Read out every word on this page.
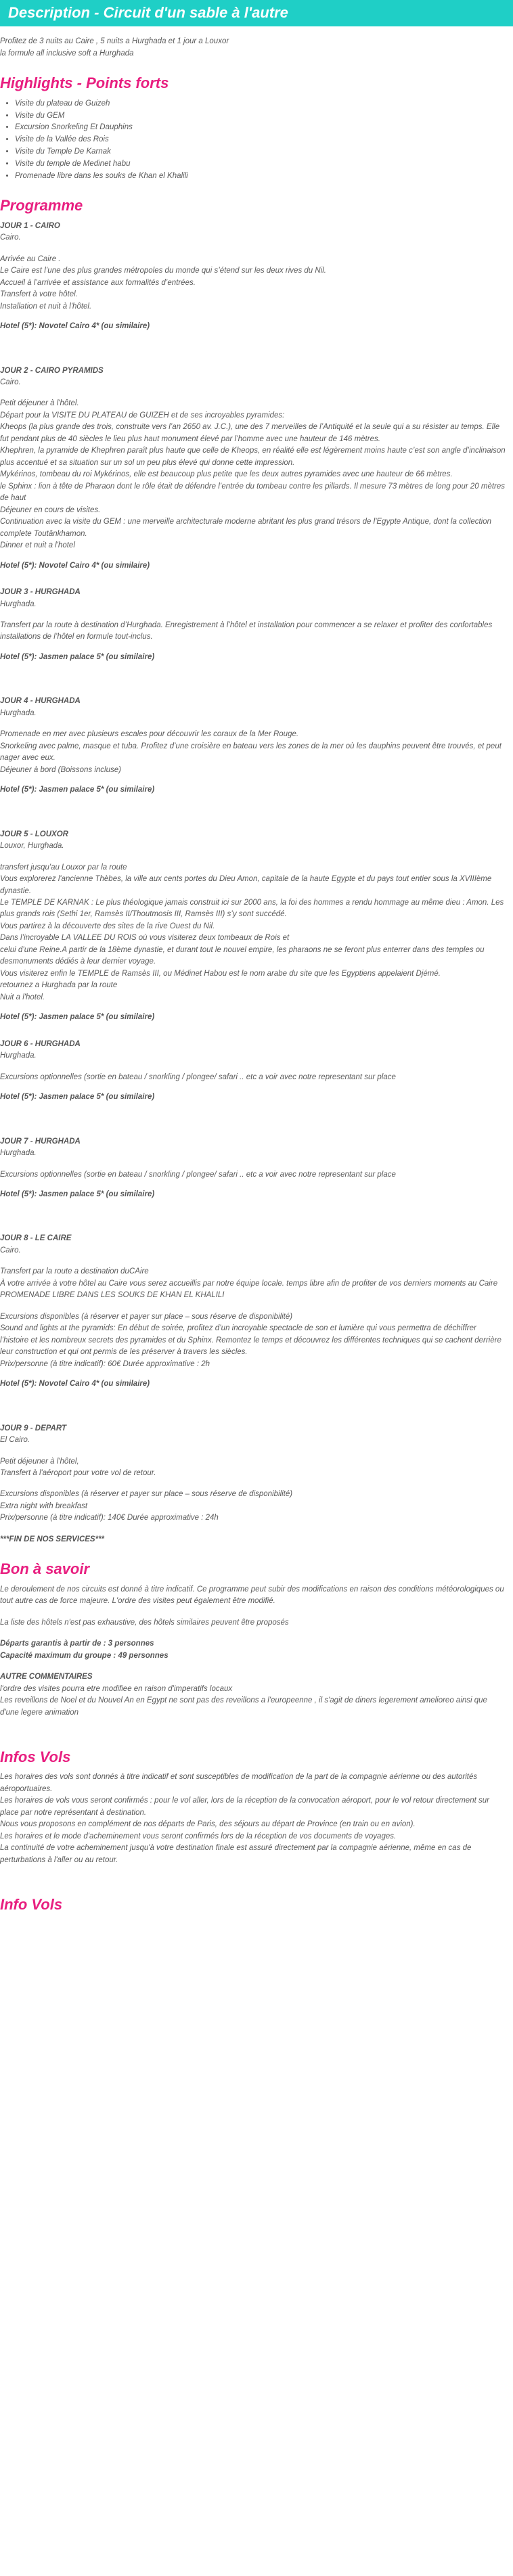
Description - Circuit d'un sable à l'autre

Profitez de 3 nuits au Caire , 5 nuits a Hurghada et 1 jour a Louxor

la formule all inclusive soft a Hurghada

Highlights - Points forts
• Visite du plateau de Guizeh
• Visite du GEM
• Excursion Snorkeling Et Dauphins
• Visite de la Vallée des Rois
• Visite du Temple De Karnak
• Visite du temple de Medinet habu
• Promenade libre dans les souks de Khan el Khalili
Programme

JOUR 1 - CAIRO

Cairo.

Arrivée au Caire .

Le Caire est l’une des plus grandes métropoles du monde qui s’étend sur les deux rives du Nil.

Accueil à l’arrivée et assistance aux formalités d’entrées.

Transfert à votre hôtel.

Installation et nuit à l'hôtel.

Hotel (5*): Novotel Cairo 4* (ou similaire)

JOUR 2 - CAIRO PYRAMIDS

Cairo.

Petit déjeuner à l'hôtel.

Départ pour la VISITE DU PLATEAU de GUIZEH et de ses incroyables pyramides:

Kheops (la plus grande des trois, construite vers l’an 2650 av. J.C.), une des 7 merveilles de l’Antiquité et la seule qui a su résister au temps. Elle fut pendant plus de 40 siècles le lieu plus haut monument élevé par l’homme avec une hauteur de 146 mètres.

Khephren, la pyramide de Khephren paraît plus haute que celle de Kheops, en réalité elle est légèrement moins haute c’est son angle d’inclinaison plus accentué et sa situation sur un sol un peu plus élevé qui donne cette impression.

Mykérinos, tombeau du roi Mykérinos, elle est beaucoup plus petite que les deux autres pyramides avec une hauteur de 66 mètres.

le Sphinx : lion à tête de Pharaon dont le rôle était de défendre l’entrée du tombeau contre les pillards. Il mesure 73 mètres de long pour 20 mètres de haut

Déjeuner en cours de visites.

Continuation avec la visite du GEM : une merveille architecturale moderne abritant les plus grand trésors de l'Egypte Antique, dont la collection complete Toutânkhamon.

Dinner et nuit a l'hotel

Hotel (5*): Novotel Cairo 4* (ou similaire)

JOUR 3 - HURGHADA

Hurghada.

Transfert par la route à destination d’Hurghada. Enregistrement à l’hôtel et installation pour commencer a se relaxer et profiter des confortables installations de l’hôtel en formule tout-inclus.

Hotel (5*): Jasmen palace 5* (ou similaire)

JOUR 4 - HURGHADA

Hurghada.

Promenade en mer avec plusieurs escales pour découvrir les coraux de la Mer Rouge.

Snorkeling avec palme, masque et tuba. Profitez d’une croisière en bateau vers les zones de la mer où les dauphins peuvent être trouvés, et peut nager avec eux.

Déjeuner à bord (Boissons incluse)

Hotel (5*): Jasmen palace 5* (ou similaire)

JOUR 5 - LOUXOR

Louxor, Hurghada.

transfert jusqu'au Louxor par la route

Vous explorerez l'ancienne Thèbes, la ville aux cents portes du Dieu Amon, capitale de la haute Egypte et du pays tout entier sous la XVIIIème dynastie.

Le TEMPLE DE KARNAK : Le plus théologique jamais construit ici sur 2000 ans, la foi des hommes a rendu hommage au même dieu : Amon. Les plus grands rois (Sethi 1er, Ramsès II/Thoutmosis III, Ramsès III) s’y sont succédé.

Vous partirez à la découverte des sites de la rive Ouest du Nil.

Dans l’incroyable LA VALLEE DU ROIS où vous visiterez deux tombeaux de Rois et

celui d’une Reine.A partir de la 18ème dynastie, et durant tout le nouvel empire, les pharaons ne se feront plus enterrer dans des temples ou desmonuments dédiés à leur dernier voyage.

Vous visiterez enfin le TEMPLE de Ramsès III, ou Médinet Habou est le nom arabe du site que les Egyptiens appelaient Djémé.

retournez a Hurghada par la route

Nuit a l'hotel.

Hotel (5*): Jasmen palace 5* (ou similaire)

JOUR 6 - HURGHADA

Hurghada.

Excursions optionnelles (sortie en bateau / snorkling / plongee/ safari .. etc a voir avec notre representant sur place

Hotel (5*): Jasmen palace 5* (ou similaire)

JOUR 7 - HURGHADA

Hurghada.

Excursions optionnelles (sortie en bateau / snorkling / plongee/ safari .. etc a voir avec notre representant sur place

Hotel (5*): Jasmen palace 5* (ou similaire)

JOUR 8 - LE CAIRE

Cairo.

Transfert par la route a destination duCAire

À votre arrivée à votre hôtel au Caire vous serez accueillis par notre équipe locale. temps libre afin de profiter de vos derniers moments au Caire

PROMENADE LIBRE DANS LES SOUKS DE KHAN EL KHALILI

Excursions disponibles (à réserver et payer sur place – sous réserve de disponibilité)

Sound and lights at the pyramids: En début de soirée, profitez d’un incroyable spectacle de son et lumière qui vous permettra de déchiffrer l’histoire et les nombreux secrets des pyramides et du Sphinx. Remontez le temps et découvrez les différentes techniques qui se cachent derrière leur construction et qui ont permis de les préserver à travers les siècles.

Prix/personne (à titre indicatif): 60€ Durée approximative : 2h

Hotel (5*): Novotel Cairo 4* (ou similaire)

JOUR 9 - DEPART

El Cairo.

Petit déjeuner à l'hôtel,

Transfert à l'aéroport pour votre vol de retour.

Excursions disponibles (à réserver et payer sur place – sous réserve de disponibilité)

Extra night with breakfast

Prix/personne (à titre indicatif): 140€ Durée approximative : 24h

***FIN DE NOS SERVICES***

Bon à savoir

Le deroulement de nos circuits est donné à titre indicatif. Ce programme peut subir des modifications en raison des conditions météorologiques ou tout autre cas de force majeure. L'ordre des visites peut également être modifié.

La liste des hôtels n'est pas exhaustive, des hôtels similaires peuvent être proposés

Départs garantis à partir de : 3 personnes

Capacité maximum du groupe : 49 personnes

AUTRE COMMENTAIRES

l'ordre des visites pourra etre modifiee en raison d'imperatifs locaux

Les reveillons de Noel et du Nouvel An en Egypt ne sont pas des reveillons a l'europeenne , il s'agit de diners legerement amelioreo ainsi que d'une legere animation

Infos Vols

Les horaires des vols sont donnés à titre indicatif et sont susceptibles de modification de la part de la compagnie aérienne ou des autorités aéroportuaires.

Les horaires de vols vous seront confirmés : pour le vol aller, lors de la réception de la convocation aéroport, pour le vol retour directement sur place par notre représentant à destination.

Nous vous proposons en complément de nos départs de Paris, des séjours au départ de Province (en train ou en avion).

Les horaires et le mode d'acheminement vous seront confirmés lors de la réception de vos documents de voyages.

La continuité de votre acheminement jusqu'à votre destination finale est assuré directement par la compagnie aérienne, même en cas de perturbations à l'aller ou au retour.

Info Vols
